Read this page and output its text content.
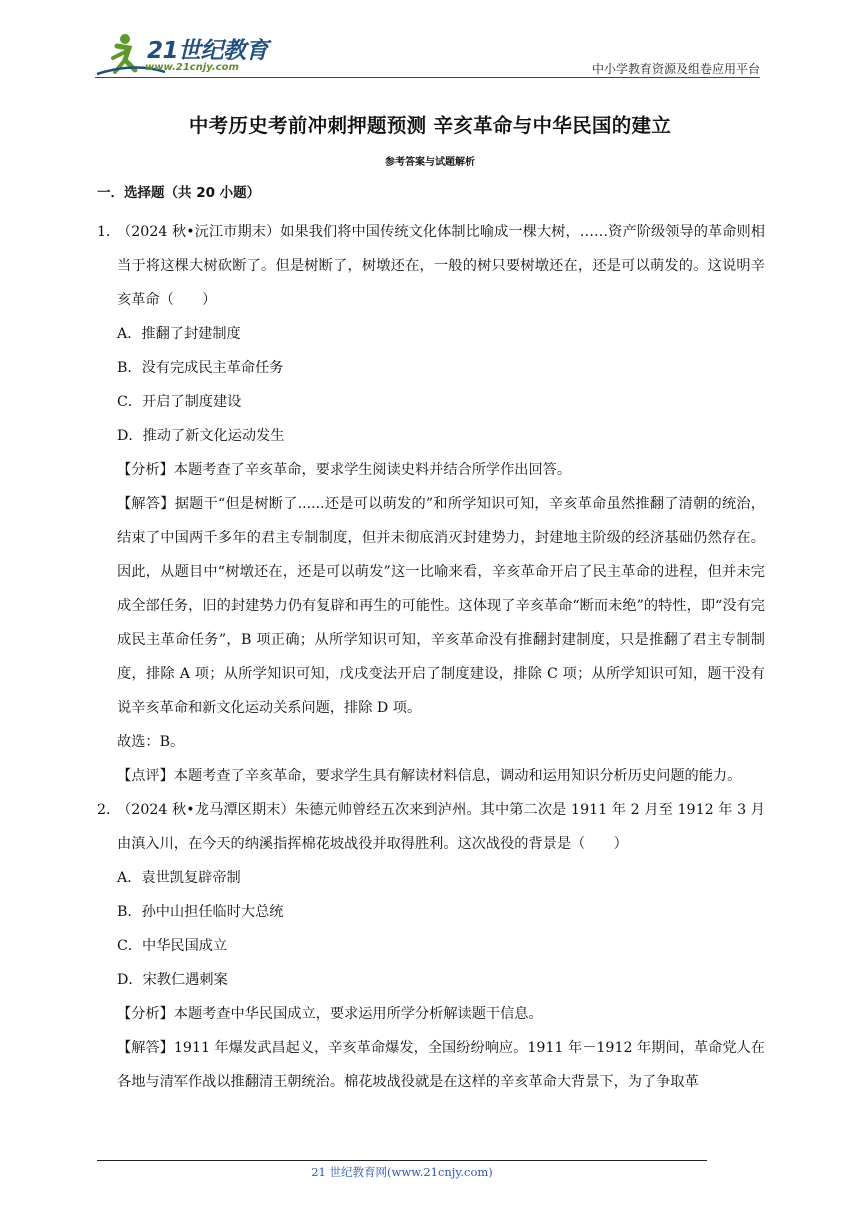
21世纪教育
www.21cnjy.com	中小学教育资源及组卷应用平台
中考历史考前冲刺押题预测 辛亥革命与中华民国的建立
参考答案与试题解析
一．选择题（共 20 小题）

1．
（2024 秋•沅江市期末）如果我们将中国传统文化体制比喻成一棵大树，……资产阶级领导的革命则相当于将这棵大树砍断了。但是树断了，树墩还在，一般的树只要树墩还在，还是可以萌发的。这说明辛亥革命（　　）

A．推翻了封建制度

B．没有完成民主革命任务

C．开启了制度建设

D．推动了新文化运动发生

【分析】本题考查了辛亥革命，要求学生阅读史料并结合所学作出回答。

【解答】据题干“但是树断了......还是可以萌发的”和所学知识可知，辛亥革命虽然推翻了清朝的统治，结束了中国两千多年的君主专制制度，但并未彻底消灭封建势力，封建地主阶级的经济基础仍然存在。因此，从题目中“树墩还在，还是可以萌发”这一比喻来看，辛亥革命开启了民主革命的进程，但并未完成全部任务，旧的封建势力仍有复辟和再生的可能性。这体现了辛亥革命“断而未绝”的特性，即“没有完成民主革命任务”，B 项正确；从所学知识可知，辛亥革命没有推翻封建制度，只是推翻了君主专制制度，排除 A 项；从所学知识可知，戊戌变法开启了制度建设，排除 C 项；从所学知识可知，题干没有说辛亥革命和新文化运动关系问题，排除 D 项。

故选：B。

【点评】本题考查了辛亥革命，要求学生具有解读材料信息，调动和运用知识分析历史问题的能力。

2．
（2024 秋•龙马潭区期末）朱德元帅曾经五次来到泸州。其中第二次是 1911 年 2 月至 1912 年 3 月由滇入川，在今天的纳溪指挥棉花坡战役并取得胜利。这次战役的背景是（　　）

A．袁世凯复辟帝制

B．孙中山担任临时大总统

C．中华民国成立

D．宋教仁遇刺案

【分析】本题考查中华民国成立，要求运用所学分析解读题干信息。

【解答】1911 年爆发武昌起义，辛亥革命爆发，全国纷纷响应。1911 年－1912 年期间，革命党人在各地与清军作战以推翻清王朝统治。棉花坡战役就是在这样的辛亥革命大背景下，为了争取革

21 世纪教育网(www.21cnjy.com)
